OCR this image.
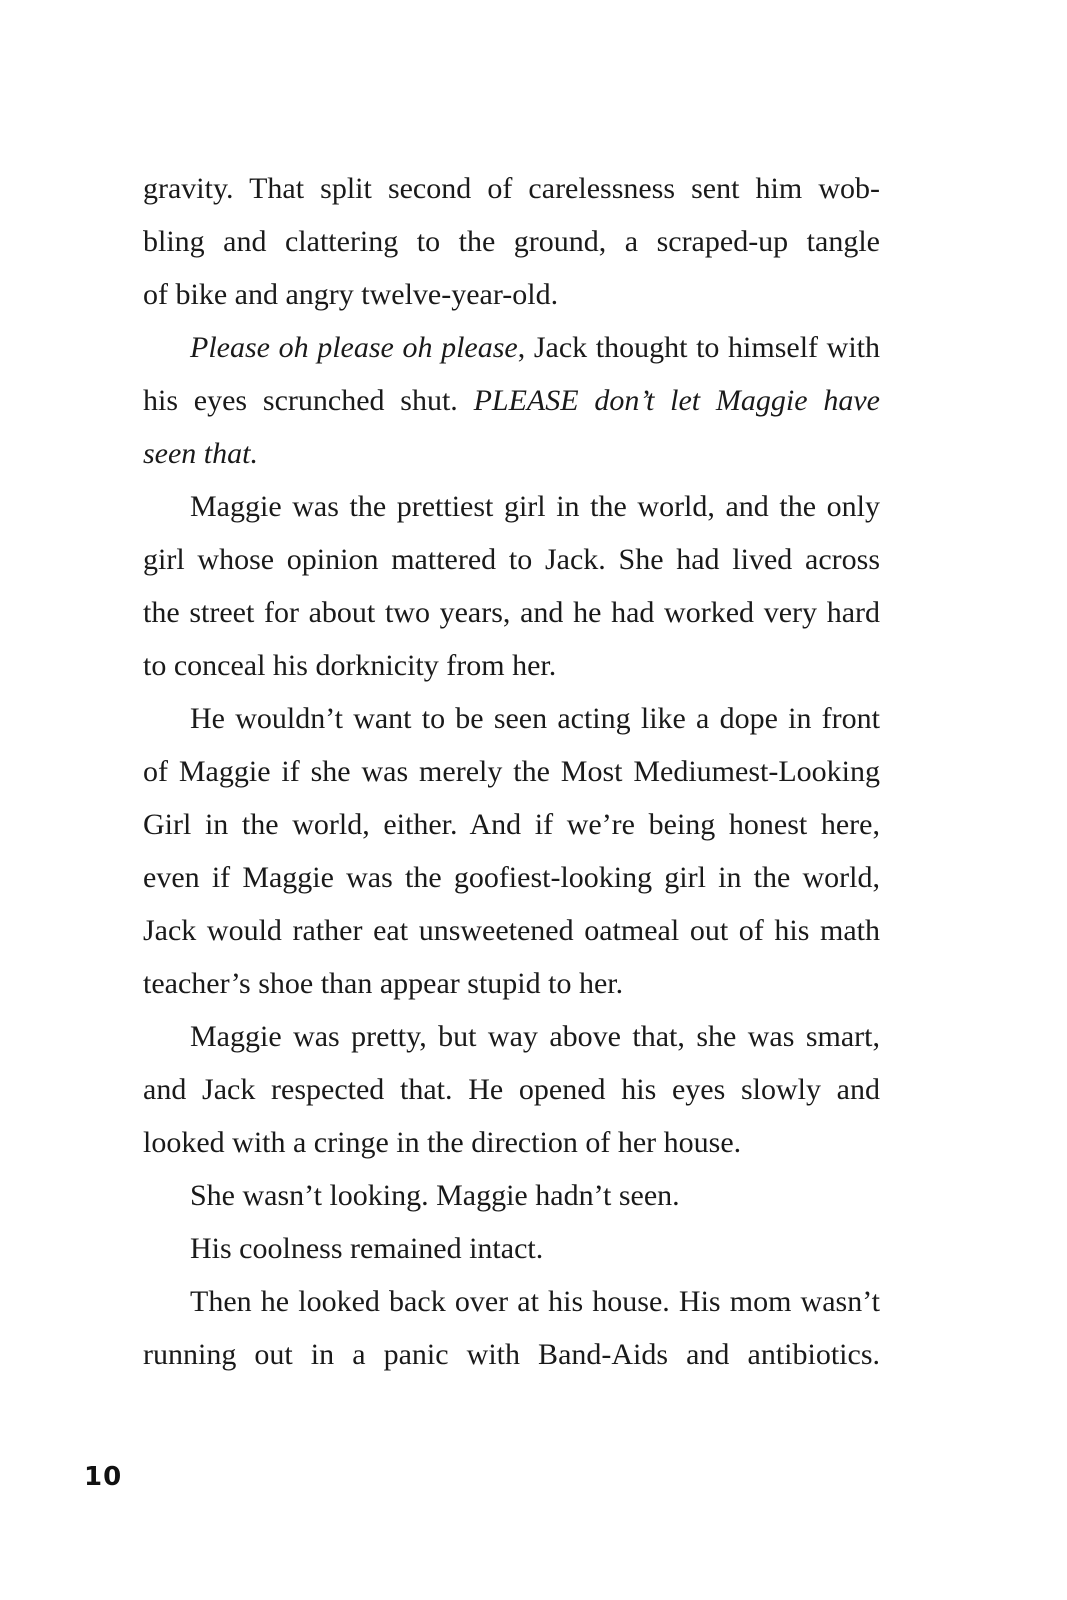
gravity. That split second of carelessness sent him wob-
bling and clattering to the ground, a scraped-up tangle
of bike and angry twelve-year-old.
Please oh please oh please, Jack thought to himself with
his eyes scrunched shut. PLEASE don’t let Maggie have
seen that.
Maggie was the prettiest girl in the world, and the only
girl whose opinion mattered to Jack. She had lived across
the street for about two years, and he had worked very hard
to conceal his dorknicity from her.
He wouldn’t want to be seen acting like a dope in front
of Maggie if she was merely the Most Mediumest-Looking
Girl in the world, either. And if we’re being honest here,
even if Maggie was the goofiest-looking girl in the world,
Jack would rather eat unsweetened oatmeal out of his math
teacher’s shoe than appear stupid to her.
Maggie was pretty, but way above that, she was smart,
and Jack respected that. He opened his eyes slowly and
looked with a cringe in the direction of her house.
She wasn’t looking. Maggie hadn’t seen.
His coolness remained intact.
Then he looked back over at his house. His mom wasn’t
running out in a panic with Band-Aids and antibiotics.
10
